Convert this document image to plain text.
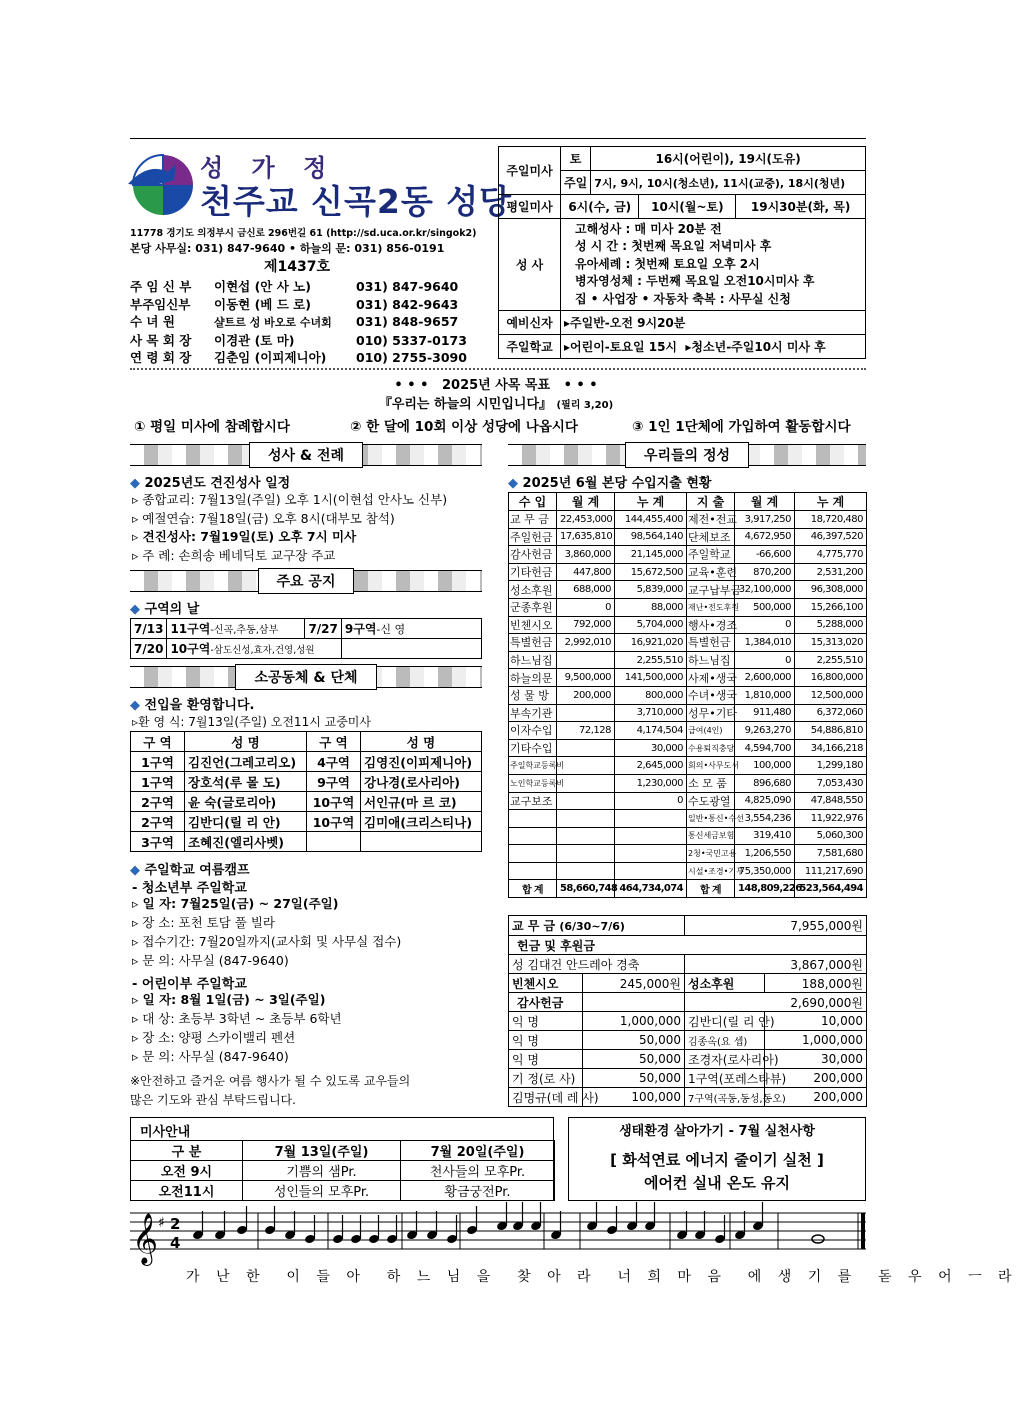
성 가 정
천주교 신곡2동 성당
11778 경기도 의정부시 금신로 296번길 61 (http://sd.uca.or.kr/singok2)
본당 사무실: 031) 847-9640 • 하늘의 문: 031) 856-0191
제1437호
주 임 신 부 이현섭 (안 사 노)	031) 847-9640
부주임신부 이동현 (베 드 로)	031) 842-9643
수 녀 원	샬트르 성 바오로 수녀회 031) 848-9657
사 목 회 장 이경관 (토 마)	010) 5337-0173
연 령 회 장 김춘임 (이피제니아) 010) 2755-3090
주일미사	토	16시(어린이), 19시(도유)		
	주일	7시, 9시, 10시(청소년), 11시(교중), 18시(청년)		
평일미사	6시(수, 금)		10시(월~토)	19시30분(화, 목)
성 사	고해성사 : 매 미사 20분 전
성 시 간 : 첫번째 목요일 저녁미사 후
유아세례 : 첫번째 토요일 오후 2시
병자영성체 : 두번째 목요일 오전10시미사 후
집 • 사업장 • 자동차 축복 : 사무실 신청			

예비신자	▸주일반-오전 9시20분			
주일학교	▸어린이-토요일 15시 ▸청소년-주일10시 미사 후			
• • •   2025년 사목 목표   • • •
『우리는 하늘의 시민입니다』 (필리 3,20)
① 평일 미사에 참례합시다	② 한 달에 10회 이상 성당에 나옵시다	③ 1인 1단체에 가입하여 활동합시다
성사 & 전례
◆ 2025년도 견진성사 일정
▹ 종합교리: 7월13일(주일) 오후 1시(이현섭 안사노 신부)
▹ 예절연습: 7월18일(금) 오후 8시(대부모 참석)
▹ 견진성사: 7월19일(토) 오후 7시 미사
▹ 주 례: 손희송 베네딕토 교구장 주교
주요 공지
◆ 구역의 날
7/13	11구역-신곡,추동,삼부	7/27	9구역-신 영
7/20	10구역-삼도신성,효자,건영,성원		
소공동체 & 단체
◆ 전입을 환영합니다.
▹환 영 식: 7월13일(주일) 오전11시 교중미사
구 역	성 명	구 역	성 명
1구역	김진언(그레고리오)	4구역	김영진(이피제니아)
1구역	장호석(루 몰 도)	9구역	강나경(로사리아)
2구역	윤 숙(글로리아)	10구역	서인규(마 르 코)
2구역	김반디(릴 리 안)	10구역	김미애(크리스티나)
3구역	조혜진(엘리사벳)		
◆ 주일학교 여름캠프
- 청소년부 주일학교
▹ 일 자: 7월25일(금) ~ 27일(주일)
▹ 장 소: 포천 토담 풀 빌라
▹ 접수기간: 7월20일까지(교사회 및 사무실 접수)
▹ 문 의: 사무실 (847-9640)
- 어린이부 주일학교
▹ 일 자: 8월 1일(금) ~ 3일(주일)
▹ 대 상: 초등부 3학년 ~ 초등부 6학년
▹ 장 소: 양평 스카이밸리 펜션
▹ 문 의: 사무실 (847-9640)
※안전하고 즐거운 여름 행사가 될 수 있도록 교우들의
많은 기도와 관심 부탁드립니다.
우리들의 정성
◆ 2025년 6월 본당 수입지출 현황
수 입	월 계	누 계	지 출	월 계	누 계
교 무 금	22,453,000	144,455,400	제전•전교	3,917,250	18,720,480
주일헌금	17,635,810	98,564,140	단체보조	4,672,950	46,397,520
감사헌금	3,860,000	21,145,000	주일학교	-66,600	4,775,770
기타헌금	447,800	15,672,500	교육•훈련	870,200	2,531,200
성소후원	688,000	5,839,000	교구납부금	32,100,000	96,308,000
군종후원	0	88,000	재난•전도후원	500,000	15,266,100
빈첸시오	792,000	5,704,000	행사•경조	0	5,288,000
특별헌금	2,992,010	16,921,020	특별헌금	1,384,010	15,313,020
하느님집		2,255,510	하느님집	0	2,255,510
하늘의문	9,500,000	141,500,000	사제•생국	2,600,000	16,800,000
성 물 방	200,000	800,000	수녀•생국	1,810,000	12,500,000
부속기관		3,710,000	성무•기타	911,480	6,372,060
이자수입	72,128	4,174,504	급여(4인)	9,263,270	54,886,810
기타수입		30,000	수용퇴직충당	4,594,700	34,166,218
주일학교등록비		2,645,000	회의•사무도서	100,000	1,299,180
노인학교등록비		1,230,000	소 모 품	896,680	7,053,430
교구보조		0	수도광열	4,825,090	47,848,550
			일반•통신•수선	3,554,236	11,922,976
			통신세금보험	319,410	5,060,300
			2청•국민고용	1,206,550	7,581,680
			시설•조경•기부	75,350,000	111,217,690
합 계	58,660,748	464,734,074	합 계	148,809,226	523,564,494
교 무 금 (6/30~7/6)		7,955,000원	
헌금 및 후원금			
성 김대건 안드레아 경축		3,867,000원	
빈첸시오	245,000원	성소후원	188,000원
감사헌금		2,690,000원	
익 명	1,000,000	김반디(릴 리 안)	10,000
익 명	50,000	김종옥(요 셉)	1,000,000
익 명	50,000	조경자(로사리아)	30,000
기 정(로 사)	50,000	1구역(포레스타뷰)	200,000
김명규(데 레 사)	100,000	7구역(곡동,동성,동오)	200,000
미사안내
구 분	7월 13일(주일)	7월 20일(주일)
오전 9시	기쁨의 샘Pr.	천사들의 모후Pr.
오전11시	성인들의 모후Pr.	황금궁전Pr.
생태환경 살아가기 - 7월 실천사항
[ 화석연료 에너지 줄이기 실천 ]
에어컨 실내 온도 유지
𝄞 ♯ 2
4
가 난 한  이 들 아  하 느 님 을  찾 아 라  너 희 마 음  에 생 기 를  돋 우 어 ㅡ 라
